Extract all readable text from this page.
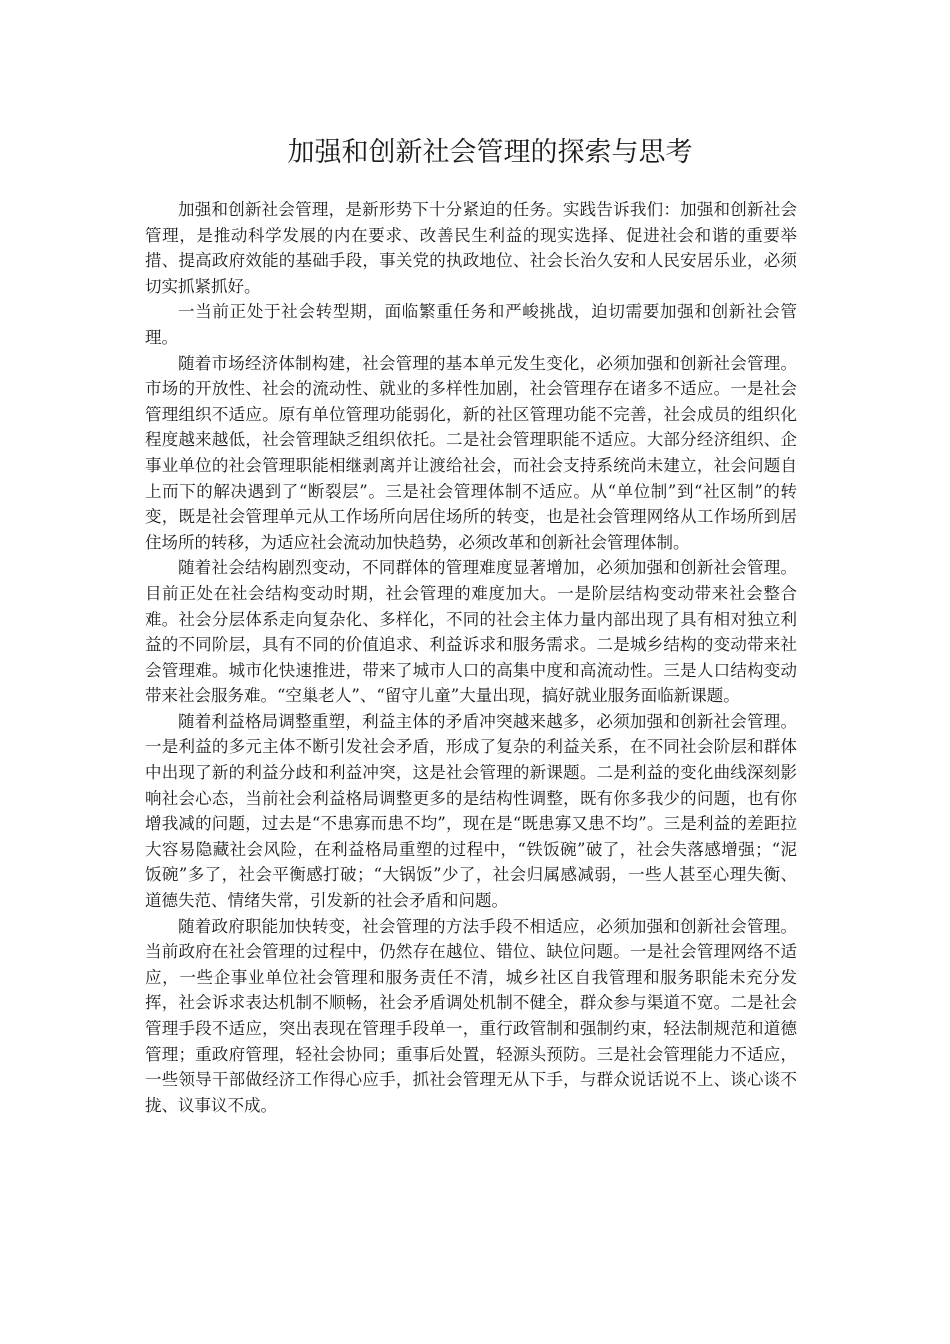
加强和创新社会管理的探索与思考

加强和创新社会管理，是新形势下十分紧迫的任务。实践告诉我们：加强和创新社会管理，是推动科学发展的内在要求、改善民生利益的现实选择、促进社会和谐的重要举措、提高政府效能的基础手段，事关党的执政地位、社会长治久安和人民安居乐业，必须切实抓紧抓好。

一当前正处于社会转型期，面临繁重任务和严峻挑战，迫切需要加强和创新社会管理。

随着市场经济体制构建，社会管理的基本单元发生变化，必须加强和创新社会管理。市场的开放性、社会的流动性、就业的多样性加剧，社会管理存在诸多不适应。一是社会管理组织不适应。原有单位管理功能弱化，新的社区管理功能不完善，社会成员的组织化程度越来越低，社会管理缺乏组织依托。二是社会管理职能不适应。大部分经济组织、企事业单位的社会管理职能相继剥离并让渡给社会，而社会支持系统尚未建立，社会问题自上而下的解决遇到了“断裂层”。三是社会管理体制不适应。从“单位制”到“社区制”的转变，既是社会管理单元从工作场所向居住场所的转变，也是社会管理网络从工作场所到居住场所的转移，为适应社会流动加快趋势，必须改革和创新社会管理体制。

随着社会结构剧烈变动，不同群体的管理难度显著增加，必须加强和创新社会管理。目前正处在社会结构变动时期，社会管理的难度加大。一是阶层结构变动带来社会整合难。社会分层体系走向复杂化、多样化，不同的社会主体力量内部出现了具有相对独立利益的不同阶层，具有不同的价值追求、利益诉求和服务需求。二是城乡结构的变动带来社会管理难。城市化快速推进，带来了城市人口的高集中度和高流动性。三是人口结构变动带来社会服务难。“空巢老人”、“留守儿童”大量出现，搞好就业服务面临新课题。

随着利益格局调整重塑，利益主体的矛盾冲突越来越多，必须加强和创新社会管理。一是利益的多元主体不断引发社会矛盾，形成了复杂的利益关系，在不同社会阶层和群体中出现了新的利益分歧和利益冲突，这是社会管理的新课题。二是利益的变化曲线深刻影响社会心态，当前社会利益格局调整更多的是结构性调整，既有你多我少的问题，也有你增我减的问题，过去是“不患寡而患不均”，现在是“既患寡又患不均”。三是利益的差距拉大容易隐藏社会风险，在利益格局重塑的过程中，“铁饭碗”破了，社会失落感增强；“泥饭碗”多了，社会平衡感打破；“大锅饭”少了，社会归属感减弱，一些人甚至心理失衡、道德失范、情绪失常，引发新的社会矛盾和问题。

随着政府职能加快转变，社会管理的方法手段不相适应，必须加强和创新社会管理。当前政府在社会管理的过程中，仍然存在越位、错位、缺位问题。一是社会管理网络不适应，一些企事业单位社会管理和服务责任不清，城乡社区自我管理和服务职能未充分发挥，社会诉求表达机制不顺畅，社会矛盾调处机制不健全，群众参与渠道不宽。二是社会管理手段不适应，突出表现在管理手段单一，重行政管制和强制约束，轻法制规范和道德管理；重政府管理，轻社会协同；重事后处置，轻源头预防。三是社会管理能力不适应，一些领导干部做经济工作得心应手，抓社会管理无从下手，与群众说话说不上、谈心谈不拢、议事议不成。
